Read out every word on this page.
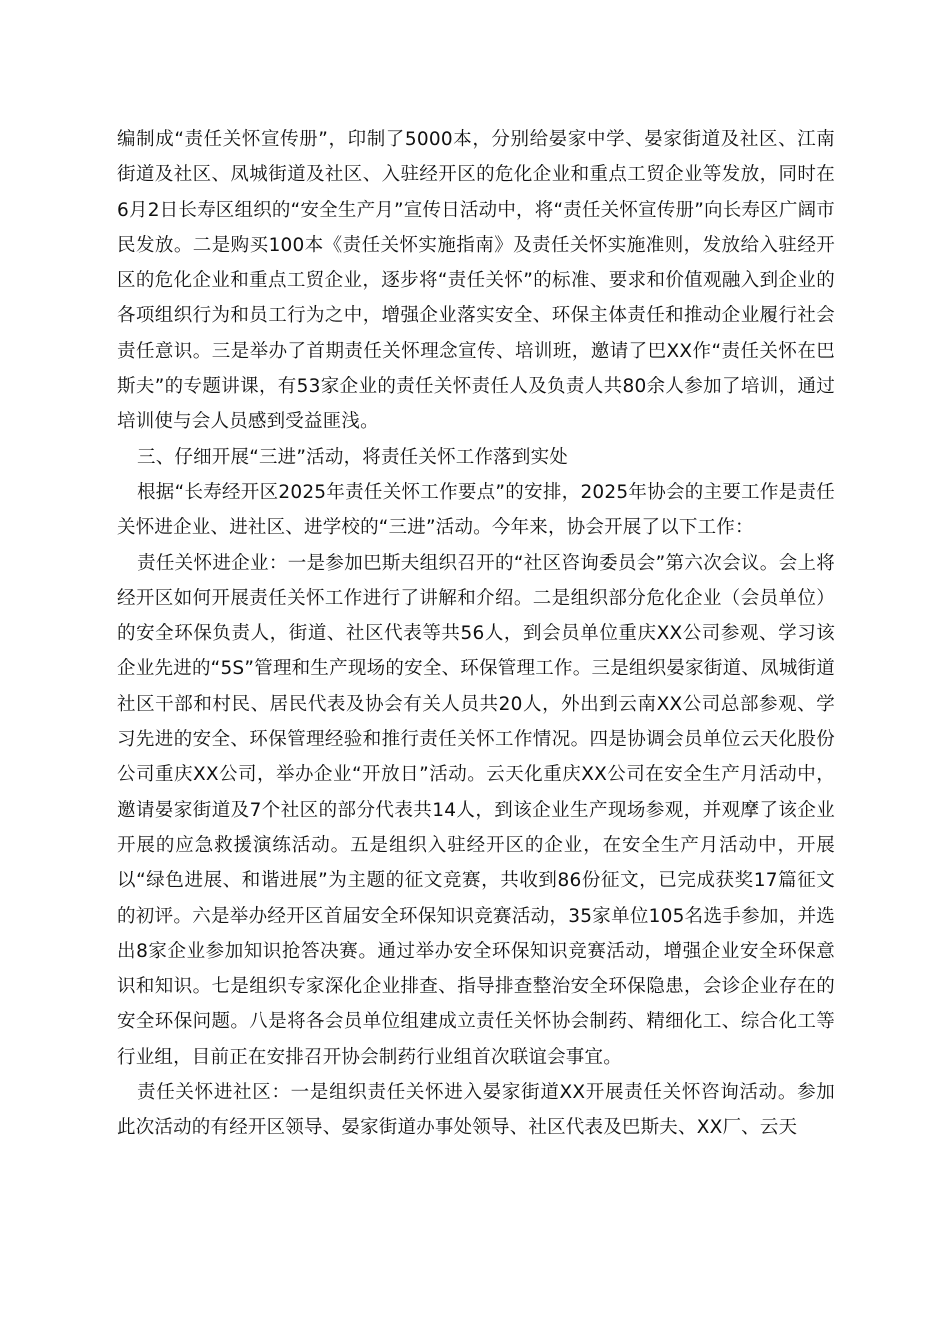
编制成“责任关怀宣传册”，印制了5000本，分别给晏家中学、晏家街道及社区、江南街道及社区、凤城街道及社区、入驻经开区的危化企业和重点工贸企业等发放，同时在6月2日长寿区组织的“安全生产月”宣传日活动中，将“责任关怀宣传册”向长寿区广阔市民发放。二是购买100本《责任关怀实施指南》及责任关怀实施准则，发放给入驻经开区的危化企业和重点工贸企业，逐步将“责任关怀”的标准、要求和价值观融入到企业的各项组织行为和员工行为之中，增强企业落实安全、环保主体责任和推动企业履行社会责任意识。三是举办了首期责任关怀理念宣传、培训班，邀请了巴XX作“责任关怀在巴斯夫”的专题讲课，有53家企业的责任关怀责任人及负责人共80余人参加了培训，通过培训使与会人员感到受益匪浅。

三、仔细开展“三进”活动，将责任关怀工作落到实处

根据“长寿经开区2025年责任关怀工作要点”的安排，2025年协会的主要工作是责任关怀进企业、进社区、进学校的“三进”活动。今年来，协会开展了以下工作：

责任关怀进企业：一是参加巴斯夫组织召开的“社区咨询委员会”第六次会议。会上将经开区如何开展责任关怀工作进行了讲解和介绍。二是组织部分危化企业（会员单位）的安全环保负责人，街道、社区代表等共56人，到会员单位重庆XX公司参观、学习该企业先进的“5S”管理和生产现场的安全、环保管理工作。三是组织晏家街道、凤城街道社区干部和村民、居民代表及协会有关人员共20人，外出到云南XX公司总部参观、学习先进的安全、环保管理经验和推行责任关怀工作情况。四是协调会员单位云天化股份公司重庆XX公司，举办企业“开放日”活动。云天化重庆XX公司在安全生产月活动中，邀请晏家街道及7个社区的部分代表共14人，到该企业生产现场参观，并观摩了该企业开展的应急救援演练活动。五是组织入驻经开区的企业，在安全生产月活动中，开展以“绿色进展、和谐进展”为主题的征文竞赛，共收到86份征文，已完成获奖17篇征文的初评。六是举办经开区首届安全环保知识竞赛活动，35家单位105名选手参加，并选出8家企业参加知识抢答决赛。通过举办安全环保知识竞赛活动，增强企业安全环保意识和知识。七是组织专家深化企业排查、指导排查整治安全环保隐患，会诊企业存在的安全环保问题。八是将各会员单位组建成立责任关怀协会制药、精细化工、综合化工等行业组，目前正在安排召开协会制药行业组首次联谊会事宜。

责任关怀进社区：一是组织责任关怀进入晏家街道XX开展责任关怀咨询活动。参加此次活动的有经开区领导、晏家街道办事处领导、社区代表及巴斯夫、XX厂、云天
